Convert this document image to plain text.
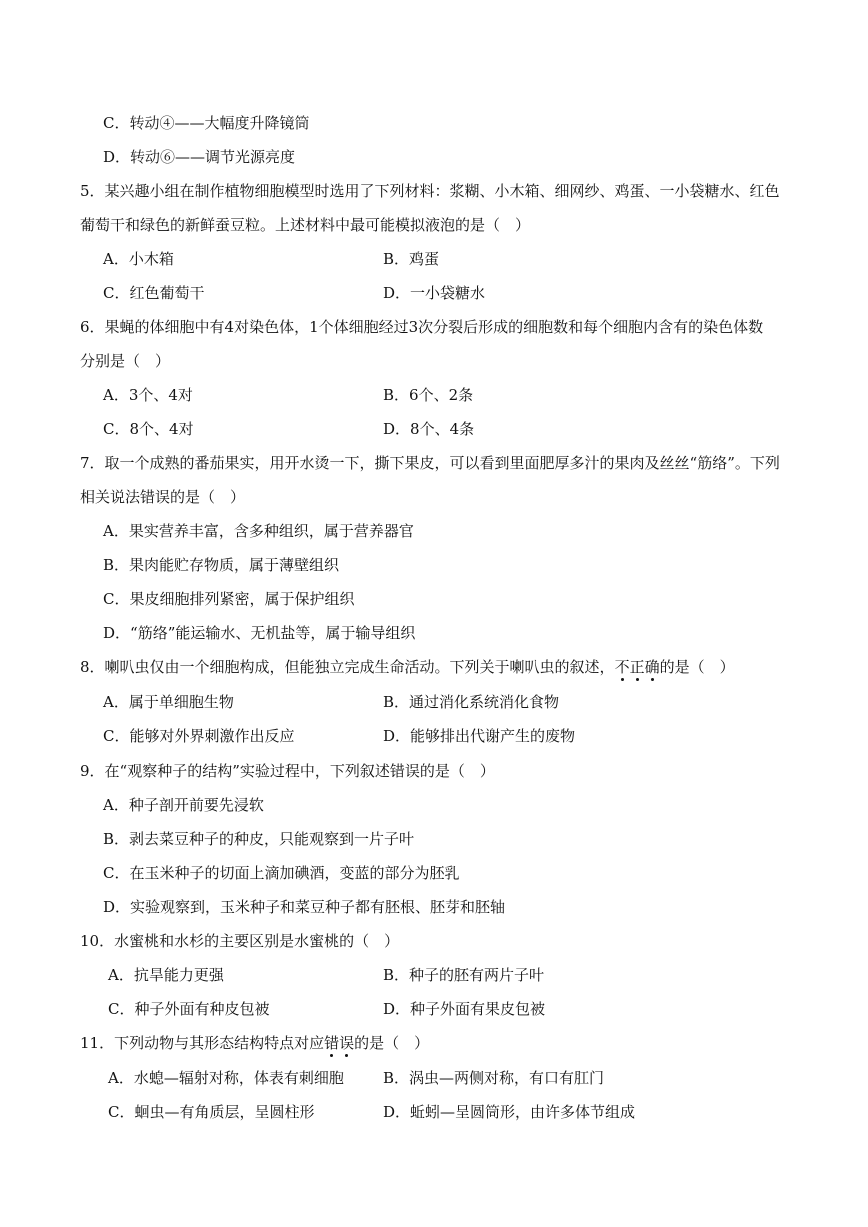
C．转动④——大幅度升降镜筒
D．转动⑥——调节光源亮度
5．某兴趣小组在制作植物细胞模型时选用了下列材料：浆糊、小木箱、细网纱、鸡蛋、一小袋糖水、红色
葡萄干和绿色的新鲜蚕豆粒。上述材料中最可能模拟液泡的是（　）
A．小木箱	B．鸡蛋
C．红色葡萄干	D．一小袋糖水
6．果蝇的体细胞中有4对染色体，1个体细胞经过3次分裂后形成的细胞数和每个细胞内含有的染色体数
分别是（　）
A．3个、4对	B．6个、2条
C．8个、4对	D．8个、4条
7．取一个成熟的番茄果实，用开水烫一下，撕下果皮，可以看到里面肥厚多汁的果肉及丝丝“筋络”。下列
相关说法错误的是（　）
A．果实营养丰富，含多种组织，属于营养器官
B．果肉能贮存物质，属于薄壁组织
C．果皮细胞排列紧密，属于保护组织
D．“筋络”能运输水、无机盐等，属于输导组织
8．喇叭虫仅由一个细胞构成，但能独立完成生命活动。下列关于喇叭虫的叙述，不正确的是（　）
A．属于单细胞生物	B．通过消化系统消化食物
C．能够对外界刺激作出反应	D．能够排出代谢产生的废物
9．在“观察种子的结构”实验过程中，下列叙述错误的是（　）
A．种子剖开前要先浸软
B．剥去菜豆种子的种皮，只能观察到一片子叶
C．在玉米种子的切面上滴加碘酒，变蓝的部分为胚乳
D．实验观察到，玉米种子和菜豆种子都有胚根、胚芽和胚轴
10．水蜜桃和水杉的主要区别是水蜜桃的（　）
A．抗旱能力更强	B．种子的胚有两片子叶
C．种子外面有种皮包被	D．种子外面有果皮包被
11．下列动物与其形态结构特点对应错误的是（　）
A．水螅—辐射对称，体表有刺细胞	B．涡虫—两侧对称，有口有肛门
C．蛔虫—有角质层，呈圆柱形	D．蚯蚓—呈圆筒形，由许多体节组成
